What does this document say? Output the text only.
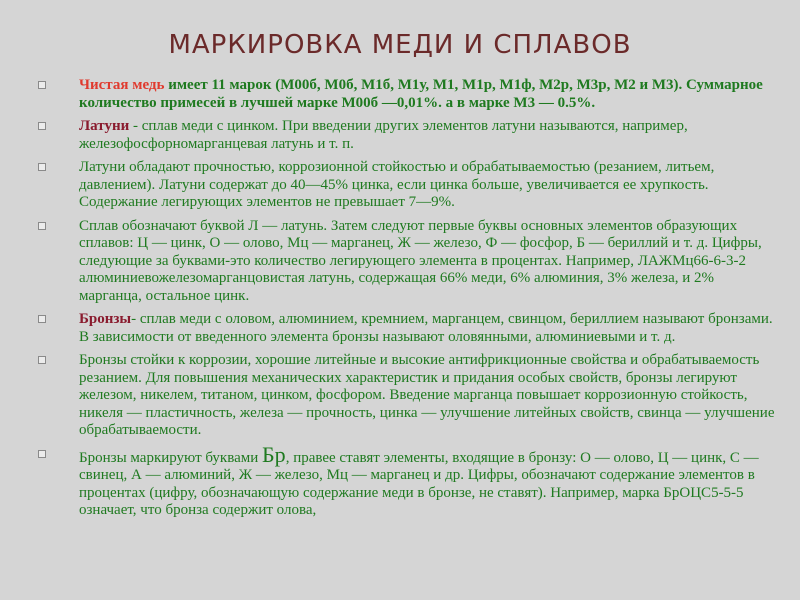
МАРКИРОВКА МЕДИ И СПЛАВОВ
Чистая медь имеет 11 марок (М00б, М0б, М1б, М1у, М1, М1р, М1ф, М2р, М3р, М2 и М3). Суммарное количество примесей в лучшей марке М00б —0,01%. а в марке М3 — 0.5%.
Латуни - сплав меди с цинком. При введении других элементов латуни называются, например, железофосфорномарганцевая латунь и т. п.
Латуни обладают прочностью, коррозионной стойкостью и обрабатываемостью (резанием, литьем, давлением). Латуни содержат до 40—45% цинка, если цинка больше, увеличивается ее хрупкость. Содержание легирующих элементов не превышает 7—9%.
Сплав обозначают буквой Л — латунь. Затем следуют первые буквы основных элементов образующих сплавов: Ц — цинк, О — олово, Мц — марганец, Ж — железо, Ф — фосфор, Б — бериллий и т. д. Цифры, следующие за буквами-это количество легирующего элемента в процентах. Например, ЛАЖМц66-6-3-2 алюминиевожелезомарганцовистая латунь, содержащая 66% меди, 6% алюминия, 3% железа, и 2% марганца, остальное цинк.
Бронзы- сплав меди с оловом, алюминием, кремнием, марганцем, свинцом, бериллием называют бронзами. В зависимости от введенного элемента бронзы называют оловянными, алюминиевыми и т. д.
Бронзы стойки к коррозии, хорошие литейные и высокие антифрикционные свойства и обрабатываемость резанием. Для повышения механических характеристик и придания особых свойств, бронзы легируют железом, никелем, титаном, цинком, фосфором. Введение марганца повышает коррозионную стойкость, никеля — пластичность, железа — прочность, цинка — улучшение литейных свойств, свинца — улучшение обрабатываемости.
Бронзы маркируют буквами Бр, правее ставят элементы, входящие в бронзу: О — олово, Ц — цинк, С — свинец, А — алюминий, Ж — железо, Мц — марганец и др. Цифры, обозначают содержание элементов в процентах (цифру, обозначающую содержание меди в бронзе, не ставят). Например, марка БрОЦС5-5-5 означает, что бронза содержит олова,
